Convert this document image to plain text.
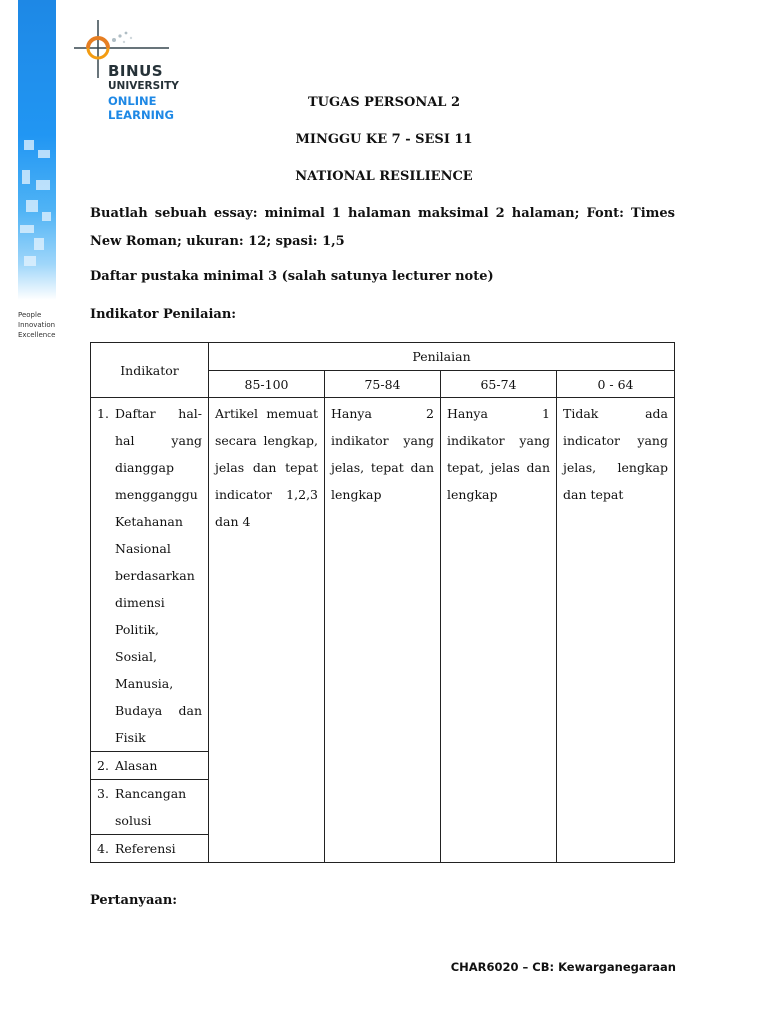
People
Innovation
Excellence
BINUS
UNIVERSITY
ONLINE
LEARNING
TUGAS PERSONAL 2
MINGGU KE 7 - SESI 11
NATIONAL RESILIENCE
Buatlah sebuah essay: minimal 1 halaman maksimal 2 halaman; Font: Times New Roman; ukuran: 12; spasi: 1,5
Daftar pustaka minimal 3 (salah satunya lecturer note)
Indikator Penilaian:
Indikator	Penilaian			
	85-100	75-84	65-74	0 - 64

1. Daftar hal-hal yang dianggap mengganggu Ketahanan Nasional berdasarkan dimensi Politik, Sosial, Manusia, Budaya dan Fisik	Artikel memuat secara lengkap, jelas dan tepat indicator 1,2,3 dan 4	Hanya 2 indikator yang jelas, tepat dan lengkap	Hanya 1 indikator yang tepat, jelas dan lengkap	Tidak ada indicator yang jelas, lengkap dan tepat

2. Alasan				

3. Rancangan solusi				

4. Referensi				
Pertanyaan:
CHAR6020 – CB: Kewarganegaraan
